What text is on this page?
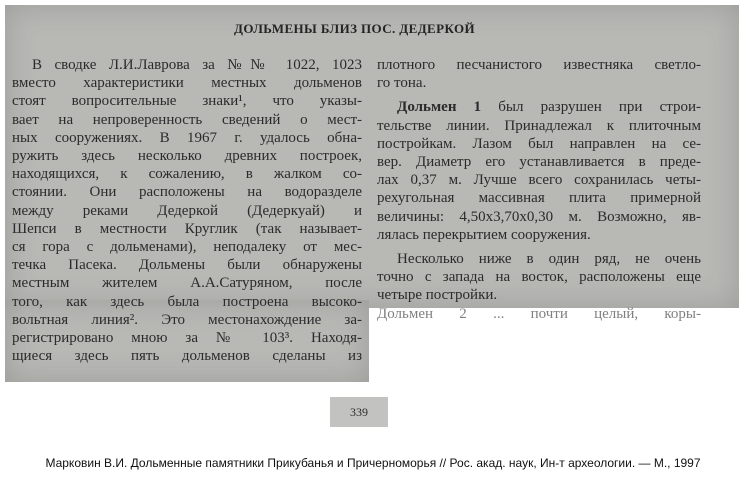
ДОЛЬМЕНЫ БЛИЗ ПОС. ДЕДЕРКОЙ

В сводке Л.И.Лаврова за №№ 1022, 1023

вместо характеристики местных дольменов

стоят вопросительные знаки¹, что указы-

вает на непроверенность сведений о мест-

ных сооружениях. В 1967 г. удалось обна-

ружить здесь несколько древних построек,

находящихся, к сожалению, в жалком со-

стоянии. Они расположены на водоразделе

между реками Дедеркой (Дедеркуай) и

Шепси в местности Круглик (так называет-

ся гора с дольменами), неподалеку от мес-

течка Пасека. Дольмены были обнаружены

местным жителем А.А.Сатуряном, после

того, как здесь была построена высоко-

вольтная линия². Это местонахождение за-

регистрировано мною за № 103³. Находя-

щиеся здесь пять дольменов сделаны из

плотного песчанистого известняка светло-

го тона.

Дольмен 1 был разрушен при строи-

тельстве линии. Принадлежал к плиточным

постройкам. Лазом был направлен на се-

вер. Диаметр его устанавливается в преде-

лах 0,37 м. Лучше всего сохранилась четы-

рехугольная массивная плита примерной

величины: 4,50х3,70х0,30 м. Возможно, яв-

лялась перекрытием сооружения.

Несколько ниже в один ряд, не очень

точно с запада на восток, расположены еще

четыре постройки.

Дольмен 2 ... почти целый, коры-

339
Марковин В.И. Дольменные памятники Прикубанья и Причерноморья // Рос. акад. наук, Ин-т археологии. — М., 1997
